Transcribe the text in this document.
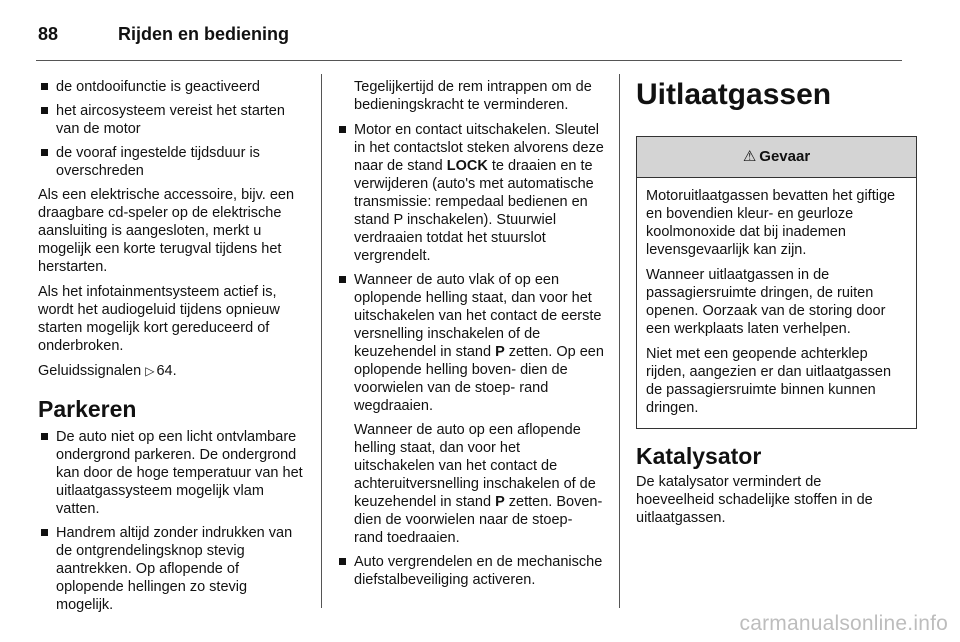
88	Rijden en bediening
de ontdooifunctie is geactiveerd
het aircosysteem vereist het starten van de motor
de vooraf ingestelde tijdsduur is overschreden

Als een elektrische accessoire, bijv. een draagbare cd-speler op de elektrische aansluiting is aangesloten, merkt u mogelijk een korte terugval tijdens het herstarten.

Als het infotainmentsysteem actief is, wordt het audiogeluid tijdens opnieuw starten mogelijk kort gereduceerd of onderbroken.

Geluidssignalen ▷ 64.

Parkeren
De auto niet op een licht ontvlambare ondergrond parkeren. De ondergrond kan door de hoge temperatuur van het uitlaatgassysteem mogelijk vlam vatten.
Handrem altijd zonder indrukken van de ontgrendelingsknop stevig aantrekken. Op aflopende of oplopende hellingen zo stevig mogelijk.

Tegelijkertijd de rem intrappen om de bedieningskracht te verminderen.

Motor en contact uitschakelen. Sleutel in het contactslot steken alvorens deze naar de stand LOCK te draaien en te verwijderen (auto's met automatische transmissie: rempedaal bedienen en stand P inschakelen). Stuurwiel verdraaien totdat het stuurslot vergrendelt.
Wanneer de auto vlak of op een oplopende helling staat, dan voor het uitschakelen van het contact de eerste versnelling inschakelen of de keuzehendel in stand P zetten. Op een oplopende helling boven- dien de voorwielen van de stoep- rand wegdraaien.
Wanneer de auto op een aflopende helling staat, dan voor het uitschakelen van het contact de achteruitversnelling inschakelen of de keuzehendel in stand P zetten. Boven- dien de voorwielen naar de stoep- rand toedraaien.
Auto vergrendelen en de mechanische diefstalbeveiliging activeren.
Uitlaatgassen
⚠ Gevaar

Motoruitlaatgassen bevatten het giftige en bovendien kleur- en geurloze koolmonoxide dat bij inademen levensgevaarlijk kan zijn.

Wanneer uitlaatgassen in de passagiersruimte dringen, de ruiten openen. Oorzaak van de storing door een werkplaats laten verhelpen.

Niet met een geopende achterklep rijden, aangezien er dan uitlaatgassen de passagiersruimte binnen kunnen dringen.

Katalysator

De katalysator vermindert de hoeveelheid schadelijke stoffen in de uitlaatgassen.

carmanualsonline.info
